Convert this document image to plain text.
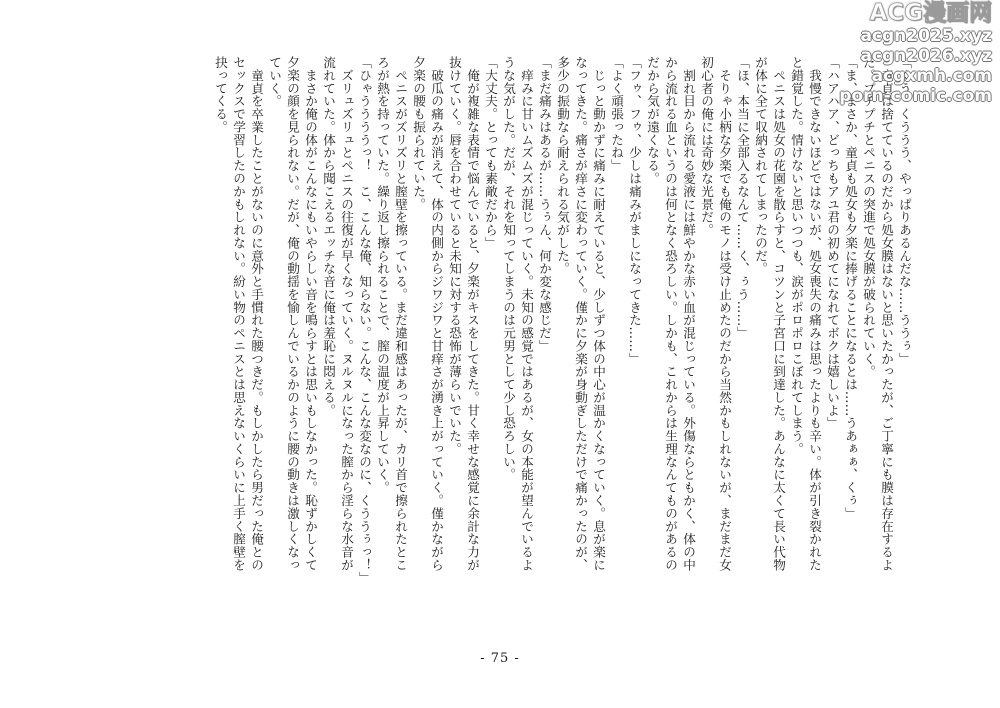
「くう、くううう、やっぱりあるんだな……ううぅ」
　童貞は捨てているのだから処女膜はないと思いたかったが、ご丁寧にも膜は存在するよ
だ。プチプチとペニスの突進で処女膜が破られていく。
「ま、まさか、童貞も処女も夕楽に捧げることになるとは……うあぁぁ、くぅ」
「ハアハア、どっちもアユ君の初めてになれてボクは嬉しいよ」
　我慢できないほどではないが、処女喪失の痛みは思ったよりも辛い。体が引き裂かれた
と錯覚した。情けないと思いつつも、涙がポロポロこぼれてしまう。
　ペニスは処女の花園を散らすと、コツンと子宮口に到達した。あんなに太くて長い代物
が体に全て収納されてしまったのだ。
「ほ、本当に全部入るなんて……く、ぅう……」
　そりゃ小柄な夕楽でも俺のモノは受け止めたのだから当然かもしれないが、まだまだ女
初心者の俺には奇妙な光景だ。
　割れ目から流れる愛液には鮮やかな赤い血が混じっている。外傷ならともかく、体の中
から流れる血というのは何となく恐ろしい。しかも、これからは生理なんてものがあるの
だから気が遠くなる。
「フゥ、フゥ、少しは痛みがましになってきた……」
「よく頑張ったね」
　じっと動かずに痛みに耐えていると、少しずつ体の中心が温かくなっていく。息が楽に
なってきた。痛さが痒さに変わっていく。僅かに夕楽が身動ぎしただけで痛かったのが、
多少の振動なら耐えられる気がした。
「まだ痛みはあるが……うぅん、何か変な感じだ」
　痒みに甘いムズムズが混じっていく。未知の感覚ではあるが、女の本能が望んでいるよ
うな気がした。だが、それを知ってしまうのは元男として少し恐ろしい。
「大丈夫。とっても素敵だから」
　俺が複雑な表情で悩んでいると、夕楽がキスをしてきた。甘く幸せな感覚に余計な力が
抜けていく。唇を合わせていると未知に対する恐怖が薄らいでいた。
　破瓜の痛みが消えて、体の内側からジワジワと甘痒さが湧き上がっていく。僅かながら
夕楽の腰も振られていた。
　ペニスがズリズリと膣壁を擦っている。まだ違和感はあったが、カリ首で擦られたとこ
ろが熱を持っていた。繰り返し擦られることで、膣の温度が上昇していく。
「ひゃううううっ！　こ、こんな俺、知らない。こんな、こんな変なのに、くううぅっ！」
　ズリュズリュとペニスの往復が早くなっていく。ヌルヌルになった膣から淫らな水音が
流れていた。体から聞こえるエッチな音に俺は羞恥に悶える。
　まさか俺の体がこんなにもいやらしい音を鳴らすとは思いもしなかった。恥ずかしくて
夕楽の顔を見られない。だが、俺の動揺を愉しんでいるかのように腰の動きは激しくなっ
ていく。
　童貞を卒業したことがないのに意外と手慣れた腰つきだ。もしかしたら男だった俺との
セックスで学習したのかもしれない。紛い物のペニスとは思えないくらいに上手く膣壁を
抉ってくる。
- 75 -
ACG漫画网
acgn2025.xyz
acgn2026.xyz
acgxmh.com
porn-comic.com
